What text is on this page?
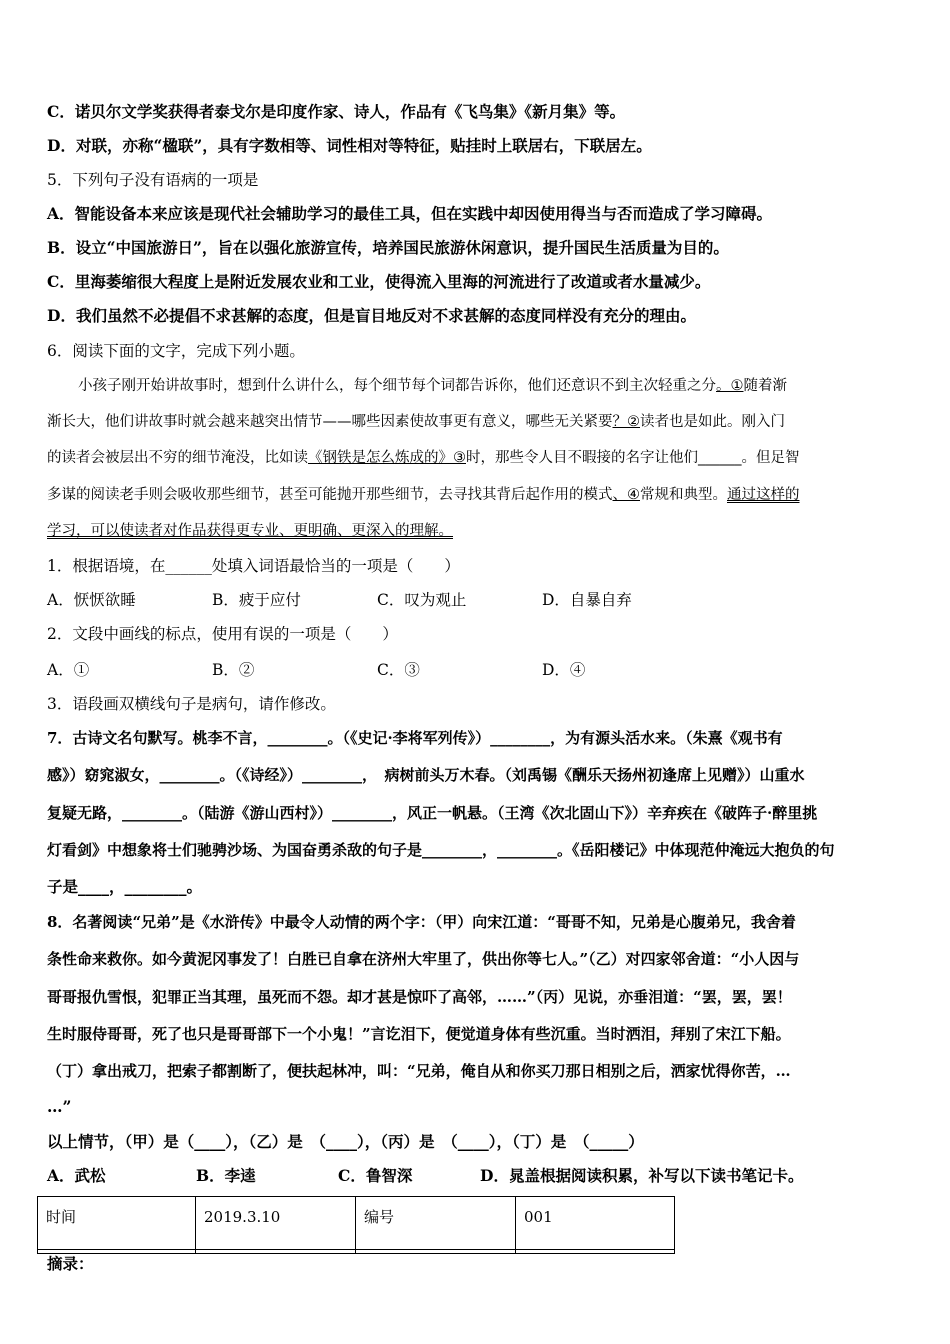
C．诺贝尔文学奖获得者泰戈尔是印度作家、诗人，作品有《飞鸟集》《新月集》等。
D．对联，亦称“楹联”，具有字数相等、词性相对等特征，贴挂时上联居右，下联居左。
5．下列句子没有语病的一项是
A．智能设备本来应该是现代社会辅助学习的最佳工具，但在实践中却因使用得当与否而造成了学习障碍。
B．设立“中国旅游日”，旨在以强化旅游宣传，培养国民旅游休闲意识，提升国民生活质量为目的。
C．里海萎缩很大程度上是附近发展农业和工业，使得流入里海的河流进行了改道或者水量减少。
D．我们虽然不必提倡不求甚解的态度，但是盲目地反对不求甚解的态度同样没有充分的理由。
6．阅读下面的文字，完成下列小题。
小孩子刚开始讲故事时，想到什么讲什么，每个细节每个词都告诉你，他们还意识不到主次轻重之分。①随着渐
渐长大，他们讲故事时就会越来越突出情节——哪些因素使故事更有意义，哪些无关紧要？②读者也是如此。刚入门
的读者会被层出不穷的细节淹没，比如读《钢铁是怎么炼成的》③时，那些令人目不暇接的名字让他们______。但足智
多谋的阅读老手则会吸收那些细节，甚至可能抛开那些细节，去寻找其背后起作用的模式、④常规和典型。通过这样的
学习，可以使读者对作品获得更专业、更明确、更深入的理解。
1．根据语境，在______处填入词语最恰当的一项是（　　）
A．恹恹欲睡	B．疲于应付	C．叹为观止	D．自暴自弃
2．文段中画线的标点，使用有误的一项是（　　）
A．①	B．②	C．③	D．④
3．语段画双横线句子是病句，请作修改。
7．古诗文名句默写。桃李不言，________。（《史记·李将军列传》）________，为有源头活水来。（朱熹《观书有
感》）窈窕淑女，________。（《诗经》）________，　病树前头万木春。（刘禹锡《酬乐天扬州初逢席上见赠》）山重水
复疑无路，________。（陆游《游山西村》）________，风正一帆悬。（王湾《次北固山下》）辛弃疾在《破阵子·醉里挑
灯看剑》中想象将士们驰骋沙场、为国奋勇杀敌的句子是________，________。《岳阳楼记》中体现范仲淹远大抱负的句
子是____，________。
8．名著阅读“兄弟”是《水浒传》中最令人动情的两个字：（甲）向宋江道：“哥哥不知，兄弟是心腹弟兄，我舍着
条性命来救你。如今黄泥冈事发了！白胜已自拿在济州大牢里了，供出你等七人。”（乙）对四家邻舍道：“小人因与
哥哥报仇雪恨，犯罪正当其理，虽死而不怨。却才甚是惊吓了高邻，……”（丙）见说，亦垂泪道：“罢，罢，罢！
生时服侍哥哥，死了也只是哥哥部下一个小鬼！”言讫泪下，便觉道身体有些沉重。当时洒泪，拜别了宋江下船。
（丁）拿出戒刀，把索子都割断了，便扶起林冲，叫：“兄弟，俺自从和你买刀那日相别之后，洒家忧得你苦，…
…”
以上情节，（甲）是（____），（乙）是　（____），（丙）是　（____），（丁）是　（_____）
A．武松	B．李逵	C．鲁智深	D．晁盖根据阅读积累，补写以下读书笔记卡。
时间	2019.3.10	编号	001
摘录：
